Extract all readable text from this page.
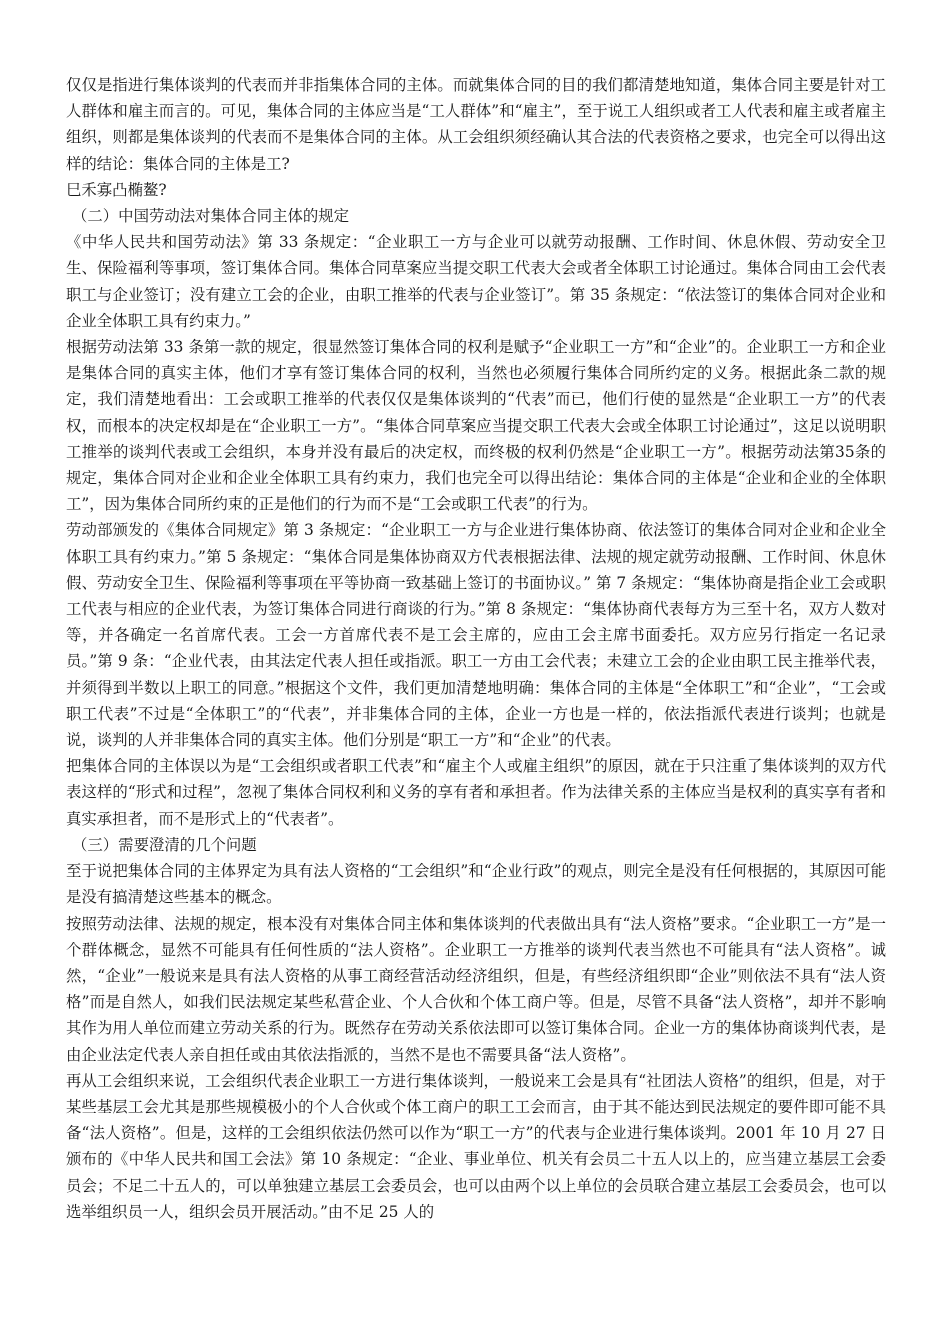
仅仅是指进行集体谈判的代表而并非指集体合同的主体。而就集体合同的目的我们都清楚地知道，集体合同主要是针对工人群体和雇主而言的。可见，集体合同的主体应当是“工人群体”和“雇主”，至于说工人组织或者工人代表和雇主或者雇主组织，则都是集体谈判的代表而不是集体合同的主体。从工会组织须经确认其合法的代表资格之要求，也完全可以得出这样的结论：集体合同的主体是工?

巳禾寡凸椭鳌?

（二）中国劳动法对集体合同主体的规定

《中华人民共和国劳动法》第 33 条规定：“企业职工一方与企业可以就劳动报酬、工作时间、休息休假、劳动安全卫生、保险福利等事项，签订集体合同。集体合同草案应当提交职工代表大会或者全体职工讨论通过。集体合同由工会代表职工与企业签订；没有建立工会的企业，由职工推举的代表与企业签订”。第 35 条规定：“依法签订的集体合同对企业和企业全体职工具有约束力。”

根据劳动法第 33 条第一款的规定，很显然签订集体合同的权利是赋予“企业职工一方”和“企业”的。企业职工一方和企业是集体合同的真实主体，他们才享有签订集体合同的权利，当然也必须履行集体合同所约定的义务。根据此条二款的规定，我们清楚地看出：工会或职工推举的代表仅仅是集体谈判的“代表”而已，他们行使的显然是“企业职工一方”的代表权，而根本的决定权却是在“企业职工一方”。“集体合同草案应当提交职工代表大会或全体职工讨论通过”，这足以说明职工推举的谈判代表或工会组织，本身并没有最后的决定权，而终极的权利仍然是“企业职工一方”。根据劳动法第35条的规定，集体合同对企业和企业全体职工具有约束力，我们也完全可以得出结论：集体合同的主体是“企业和企业的全体职工”，因为集体合同所约束的正是他们的行为而不是“工会或职工代表”的行为。

劳动部颁发的《集体合同规定》第 3 条规定：“企业职工一方与企业进行集体协商、依法签订的集体合同对企业和企业全体职工具有约束力。”第 5 条规定：“集体合同是集体协商双方代表根据法律、法规的规定就劳动报酬、工作时间、休息休假、劳动安全卫生、保险福利等事项在平等协商一致基础上签订的书面协议。” 第 7 条规定：“集体协商是指企业工会或职工代表与相应的企业代表，为签订集体合同进行商谈的行为。”第 8 条规定：“集体协商代表每方为三至十名，双方人数对等，并各确定一名首席代表。工会一方首席代表不是工会主席的，应由工会主席书面委托。双方应另行指定一名记录员。”第 9 条：“企业代表，由其法定代表人担任或指派。职工一方由工会代表；未建立工会的企业由职工民主推举代表，并须得到半数以上职工的同意。”根据这个文件，我们更加清楚地明确：集体合同的主体是“全体职工”和“企业”，“工会或职工代表”不过是“全体职工”的“代表”，并非集体合同的主体，企业一方也是一样的，依法指派代表进行谈判；也就是说，谈判的人并非集体合同的真实主体。他们分别是“职工一方”和“企业”的代表。

把集体合同的主体误以为是“工会组织或者职工代表”和“雇主个人或雇主组织”的原因，就在于只注重了集体谈判的双方代表这样的“形式和过程”，忽视了集体合同权利和义务的享有者和承担者。作为法律关系的主体应当是权利的真实享有者和真实承担者，而不是形式上的“代表者”。

（三）需要澄清的几个问题

至于说把集体合同的主体界定为具有法人资格的“工会组织”和“企业行政”的观点，则完全是没有任何根据的，其原因可能是没有搞清楚这些基本的概念。

按照劳动法律、法规的规定，根本没有对集体合同主体和集体谈判的代表做出具有“法人资格”要求。“企业职工一方”是一个群体概念，显然不可能具有任何性质的“法人资格”。企业职工一方推举的谈判代表当然也不可能具有“法人资格”。诚然，“企业”一般说来是具有法人资格的从事工商经营活动经济组织，但是，有些经济组织即“企业”则依法不具有“法人资格”而是自然人，如我们民法规定某些私营企业、个人合伙和个体工商户等。但是，尽管不具备“法人资格”，却并不影响其作为用人单位而建立劳动关系的行为。既然存在劳动关系依法即可以签订集体合同。企业一方的集体协商谈判代表，是由企业法定代表人亲自担任或由其依法指派的，当然不是也不需要具备“法人资格”。

再从工会组织来说，工会组织代表企业职工一方进行集体谈判，一般说来工会是具有“社团法人资格”的组织，但是，对于某些基层工会尤其是那些规模极小的个人合伙或个体工商户的职工工会而言，由于其不能达到民法规定的要件即可能不具备“法人资格”。但是，这样的工会组织依法仍然可以作为“职工一方”的代表与企业进行集体谈判。2001 年 10 月 27 日颁布的《中华人民共和国工会法》第 10 条规定：“企业、事业单位、机关有会员二十五人以上的，应当建立基层工会委员会；不足二十五人的，可以单独建立基层工会委员会，也可以由两个以上单位的会员联合建立基层工会委员会，也可以选举组织员一人，组织会员开展活动。”由不足 25 人的
